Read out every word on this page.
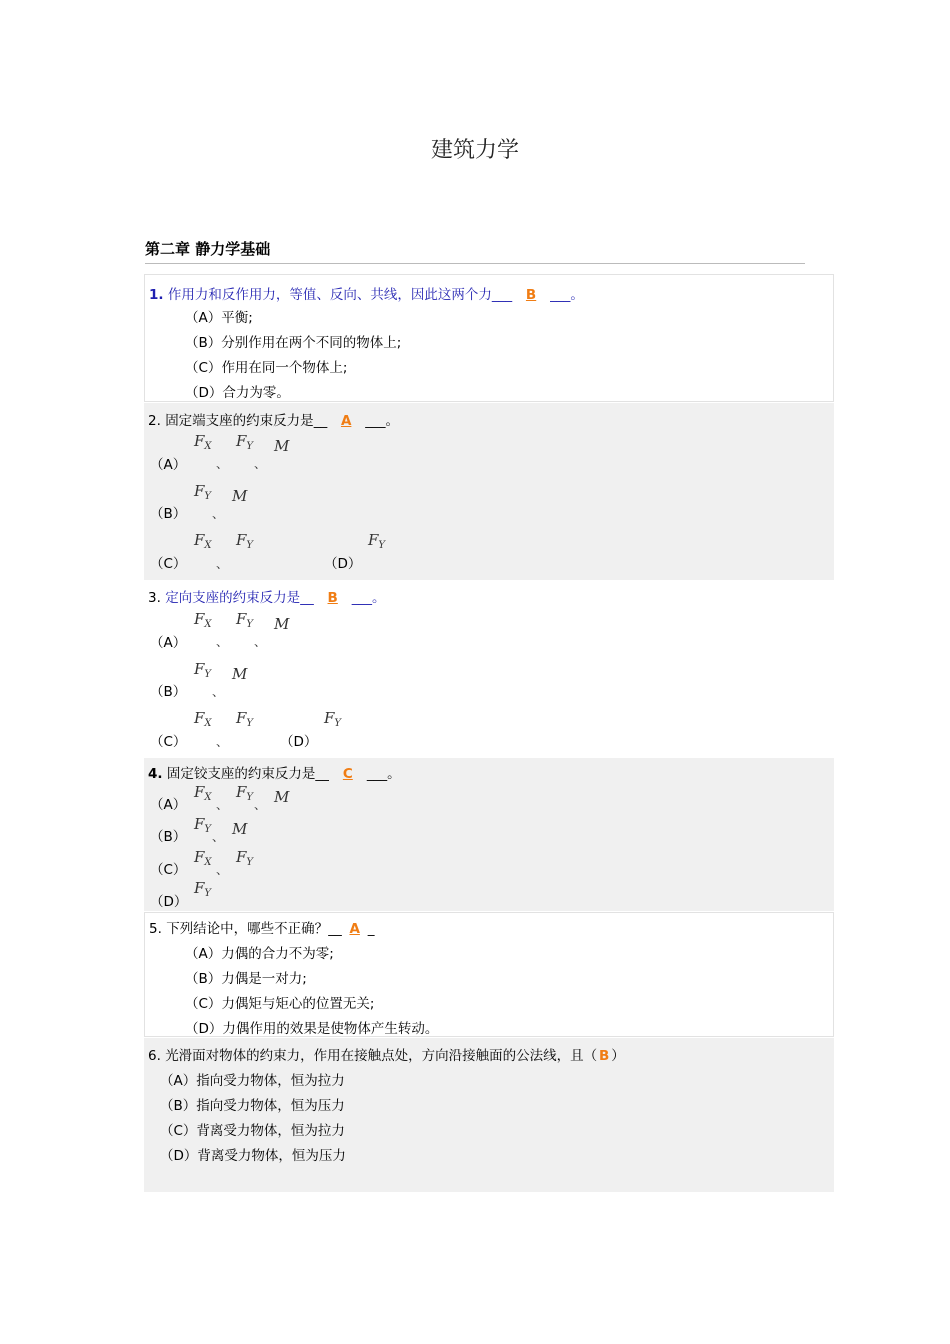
建筑力学
第二章 静力学基础
1. 作用力和反作用力，等值、反向、共线，因此这两个力___ B ___。
（A）平衡;
（B）分别作用在两个不同的物体上;
（C）作用在同一个物体上;
（D）合力为零。
2. 固定端支座的约束反力是__ A ___。
（A）
$F_X$
、
$F_Y$
、
M
（B）
$F_Y$
、
M
（C）
$F_X$
、
$F_Y$
（D）
$F_Y$
3. 定向支座的约束反力是__ B ___。
（A）
$F_X$
、
$F_Y$
、
M
（B）
$F_Y$
、
M
（C）
$F_X$
、
$F_Y$
（D）
$F_Y$
4. 固定铰支座的约束反力是__ C ___。
（A）
$F_X$
、
$F_Y$
、 M
（B）
$F_Y$
、 M
（C）
$F_X$
、
$F_Y$
（D）
$F_Y$
5. 下列结论中，哪些不正确？__ A _
（A）力偶的合力不为零;
（B）力偶是一对力;
（C）力偶矩与矩心的位置无关;
（D）力偶作用的效果是使物体产生转动。
6. 光滑面对物体的约束力，作用在接触点处，方向沿接触面的公法线，且（ B ）
（A）指向受力物体，恒为拉力
（B）指向受力物体，恒为压力
（C）背离受力物体，恒为拉力
（D）背离受力物体，恒为压力
